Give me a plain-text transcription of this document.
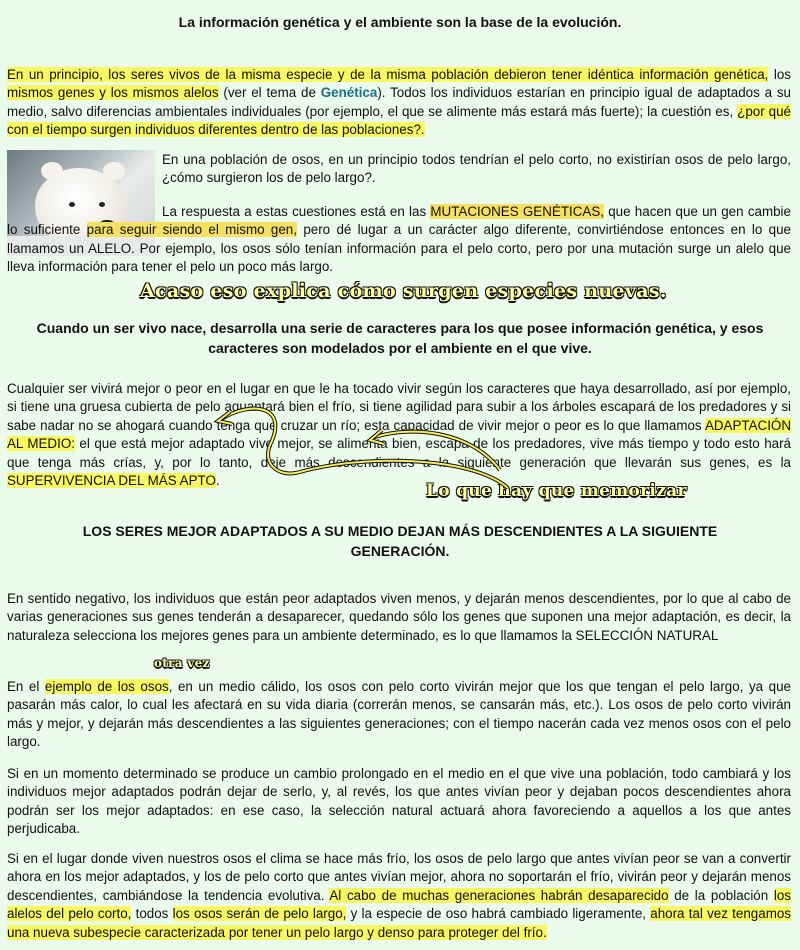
La información genética y el ambiente son la base de la evolución.

En un principio, los seres vivos de la misma especie y de la misma población debieron tener idéntica información genética, los mismos genes y los mismos alelos (ver el tema de Genética). Todos los individuos estarían en principio igual de adaptados a su medio, salvo diferencias ambientales individuales (por ejemplo, el que se alimente más estará más fuerte); la cuestión es, ¿por qué con el tiempo surgen individuos diferentes dentro de las poblaciones?.

En una población de osos, en un principio todos tendrían el pelo corto, no existirían osos de pelo largo, ¿cómo surgieron los de pelo largo?.

La respuesta a estas cuestiones está en las MUTACIONES GENÉTICAS, que hacen que un gen cambie lo suficiente para seguir siendo el mismo gen, pero dé lugar a un carácter algo diferente, convirtiéndose entonces en lo que llamamos un ALELO. Por ejemplo, los osos sólo tenían información para el pelo corto, pero por una mutación surge un alelo que lleva información para tener el pelo un poco más largo.

Acaso eso explica cómo surgen especies nuevas.
Cuando un ser vivo nace, desarrolla una serie de caracteres para los que posee información genética, y esos caracteres son modelados por el ambiente en el que vive.

Cualquier ser vivirá mejor o peor en el lugar en que le ha tocado vivir según los caracteres que haya desarrollado, así por ejemplo, si tiene una gruesa cubierta de pelo aguantará bien el frío, si tiene agilidad para subir a los árboles escapará de los predadores y si sabe nadar no se ahogará cuando tenga que cruzar un río; esta capacidad de vivir mejor o peor es lo que llamamos ADAPTACIÓN AL MEDIO: el que está mejor adaptado vive mejor, se alimenta bien, escapa de los predadores, vive más tiempo y todo esto hará que tenga más crías, y, por lo tanto, deje más descendientes a la siguiente generación que llevarán sus genes, es la SUPERVIVENCIA DEL MÁS APTO.

Lo que hay que memorizar
LOS SERES MEJOR ADAPTADOS A SU MEDIO DEJAN MÁS DESCENDIENTES A LA SIGUIENTE GENERACIÓN.

En sentido negativo, los individuos que están peor adaptados viven menos, y dejarán menos descendientes, por lo que al cabo de varias generaciones sus genes tenderán a desaparecer, quedando sólo los genes que suponen una mejor adaptación, es decir, la naturaleza selecciona los mejores genes para un ambiente determinado, es lo que llamamos la SELECCIÓN NATURAL

otra vez

En el ejemplo de los osos, en un medio cálido, los osos con pelo corto vivirán mejor que los que tengan el pelo largo, ya que pasarán más calor, lo cual les afectará en su vida diaria (correrán menos, se cansarán más, etc.). Los osos de pelo corto vivirán más y mejor, y dejarán más descendientes a las siguientes generaciones; con el tiempo nacerán cada vez menos osos con el pelo largo.

Si en un momento determinado se produce un cambio prolongado en el medio en el que vive una población, todo cambiará y los individuos mejor adaptados podrán dejar de serlo, y, al revés, los que antes vivían peor y dejaban pocos descendientes ahora podrán ser los mejor adaptados: en ese caso, la selección natural actuará ahora favoreciendo a aquellos a los que antes perjudicaba.

Si en el lugar donde viven nuestros osos el clima se hace más frío, los osos de pelo largo que antes vivían peor se van a convertir ahora en los mejor adaptados, y los de pelo corto que antes vivían mejor, ahora no soportarán el frío, vivirán peor y dejarán menos descendientes, cambiándose la tendencia evolutiva. Al cabo de muchas generaciones habrán desaparecido de la población los alelos del pelo corto, todos los osos serán de pelo largo, y la especie de oso habrá cambiado ligeramente, ahora tal vez tengamos una nueva subespecie caracterizada por tener un pelo largo y denso para proteger del frío.
